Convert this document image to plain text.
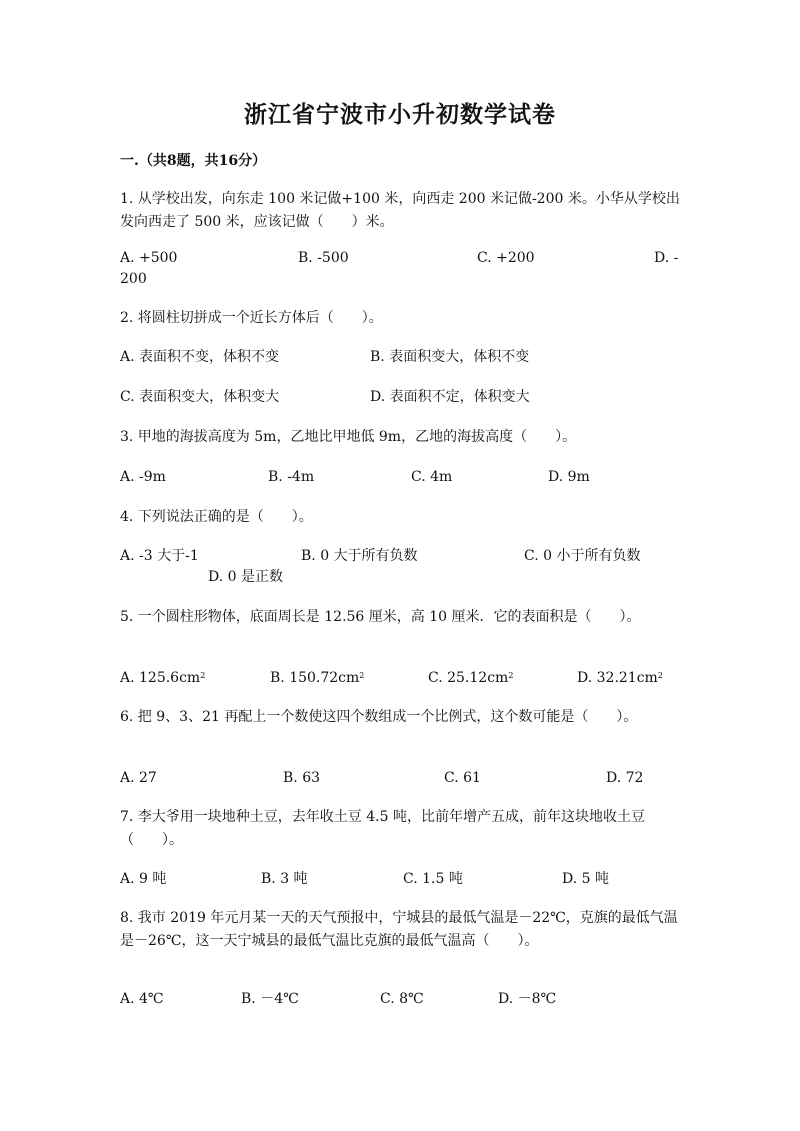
浙江省宁波市小升初数学试卷
一.（共8题，共16分）
1. 从学校出发，向东走 100 米记做+100 米，向西走 200 米记做-200 米。小华从学校出发向西走了 500 米，应该记做（　　）米。
A. +500	B. -500	C. +200	D. -
200
2. 将圆柱切拼成一个近长方体后（　　）。
A. 表面积不变，体积不变	B. 表面积变大，体积不变
C. 表面积变大，体积变大	D. 表面积不定，体积变大
3. 甲地的海拔高度为 5m，乙地比甲地低 9m，乙地的海拔高度（　　）。
A. -9m	B. -4m	C. 4m	D. 9m
4. 下列说法正确的是（　　）。
A. -3 大于-1	B. 0 大于所有负数	C. 0 小于所有负数
D. 0 是正数
5. 一个圆柱形物体，底面周长是 12.56 厘米，高 10 厘米．它的表面积是（　　）。
A. $125.6cm^2$	B. $150.72cm^2$	C. $25.12cm^2$	D. $32.21cm^2$
6. 把 9、3、21 再配上一个数使这四个数组成一个比例式，这个数可能是（　　）。
A. 27	B. 63	C. 61	D. 72
7. 李大爷用一块地种土豆，去年收土豆 4.5 吨，比前年增产五成，前年这块地收土豆（　　）。
A. 9 吨	B. 3 吨	C. 1.5 吨	D. 5 吨
8. 我市 2019 年元月某一天的天气预报中，宁城县的最低气温是－22℃，克旗的最低气温是－26℃，这一天宁城县的最低气温比克旗的最低气温高（　　）。
A. 4℃	B. －4℃	C. 8℃	D. －8℃
